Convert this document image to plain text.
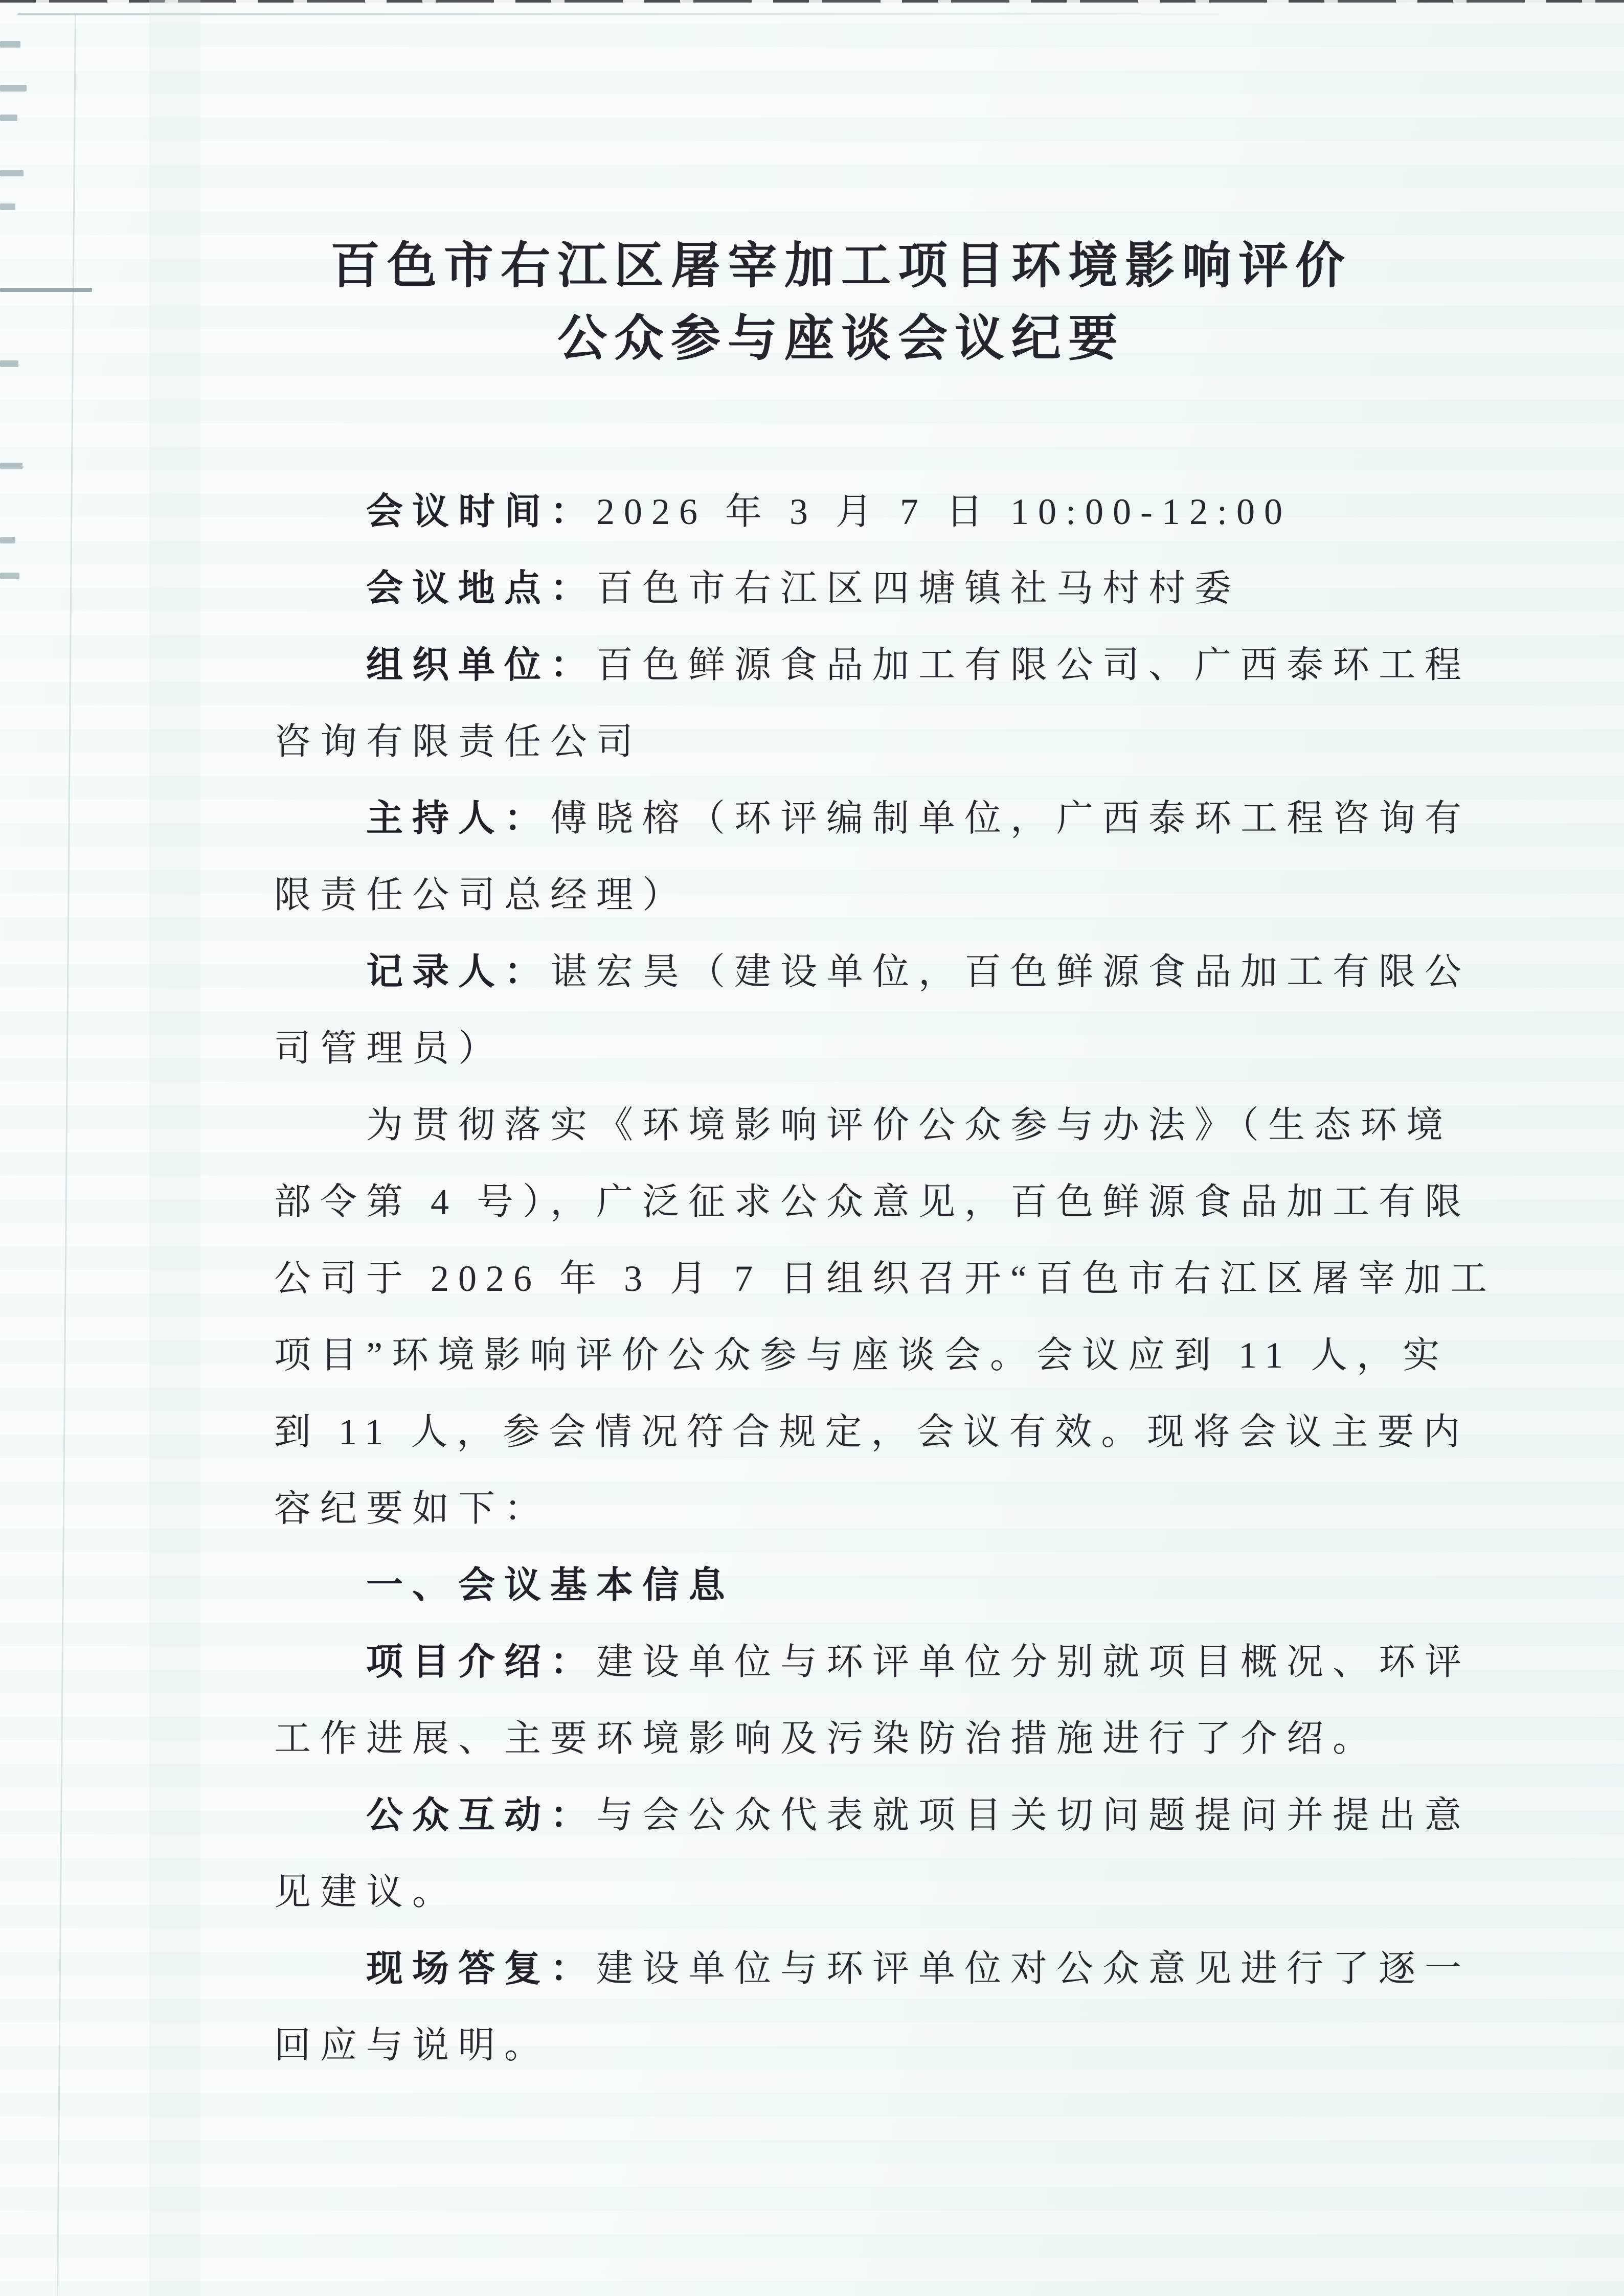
百色市右江区屠宰加工项目环境影响评价
公众参与座谈会议纪要
会议时间：2026 年 3 月 7 日 10:00-12:00
会议地点：百色市右江区四塘镇社马村村委
组织单位：百色鲜源食品加工有限公司、广西泰环工程
咨询有限责任公司
主持人：傅晓榕（环评编制单位，广西泰环工程咨询有
限责任公司总经理）
记录人：谌宏昊（建设单位，百色鲜源食品加工有限公
司管理员）
为贯彻落实《环境影响评价公众参与办法》（生态环境
部令第 4 号），广泛征求公众意见，百色鲜源食品加工有限
公司于 2026 年 3 月 7 日组织召开“百色市右江区屠宰加工
项目”环境影响评价公众参与座谈会。会议应到 11 人，实
到 11 人，参会情况符合规定，会议有效。现将会议主要内
容纪要如下：
一、会议基本信息
项目介绍：建设单位与环评单位分别就项目概况、环评
工作进展、主要环境影响及污染防治措施进行了介绍。
公众互动：与会公众代表就项目关切问题提问并提出意
见建议。
现场答复：建设单位与环评单位对公众意见进行了逐一
回应与说明。
